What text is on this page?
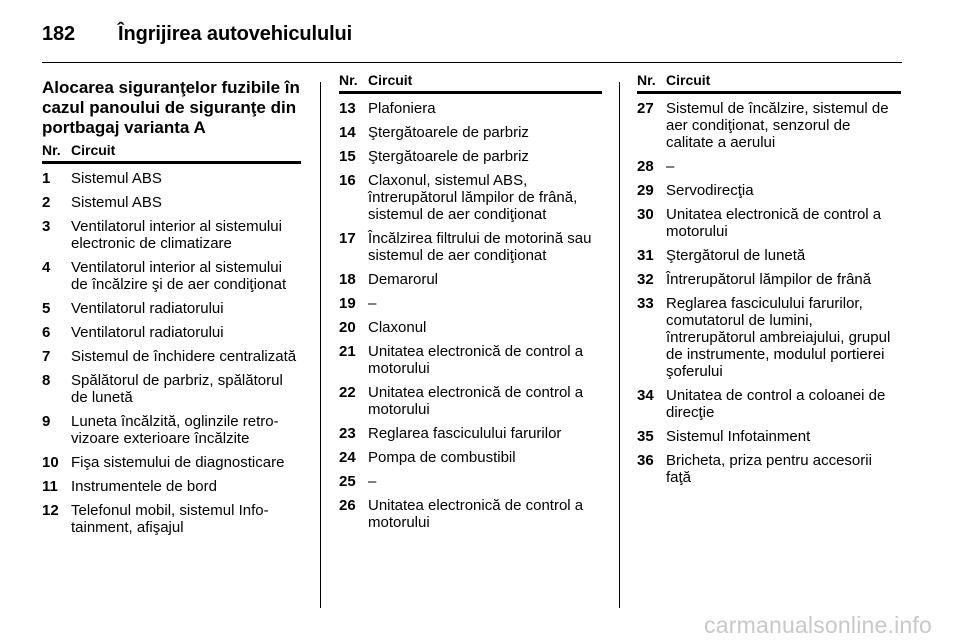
182	Îngrijirea autovehiculului
Alocarea siguranţelor fuzibile în cazul panoului de siguranţe din portbagaj varianta A
Nr. Circuit
1	Sistemul ABS
2	Sistemul ABS
3	Ventilatorul interior al sistemului electronic de climatizare
4	Ventilatorul interior al sistemului de încălzire şi de aer condiţionat
5	Ventilatorul radiatorului
6	Ventilatorul radiatorului
7	Sistemul de închidere centralizată
8	Spălătorul de parbriz, spălătorul de lunetă
9	Luneta încălzită, oglinzile retrovizoare exterioare încălzite
10 Fişa sistemului de diagnosticare
11 Instrumentele de bord
12 Telefonul mobil, sistemul Infotainment, afişajul
Nr. Circuit
13 Plafoniera
14 Ştergătoarele de parbriz
15 Ştergătoarele de parbriz
16 Claxonul, sistemul ABS, întrerupătorul lămpilor de frână, sistemul de aer condiţionat
17 Încălzirea filtrului de motorină sau sistemul de aer condiţionat
18 Demarorul
19 –
20 Claxonul
21 Unitatea electronică de control a motorului
22 Unitatea electronică de control a motorului
23 Reglarea fasciculului farurilor
24 Pompa de combustibil
25 –
26 Unitatea electronică de control a motorului
Nr. Circuit
27 Sistemul de încălzire, sistemul de aer condiţionat, senzorul de calitate a aerului
28 –
29 Servodirecţia
30 Unitatea electronică de control a motorului
31 Ştergătorul de lunetă
32 Întrerupătorul lămpilor de frână
33 Reglarea fasciculului farurilor, comutatorul de lumini, întrerupătorul ambreiajului, grupul de instrumente, modulul portierei şoferului
34 Unitatea de control a coloanei de direcţie
35 Sistemul Infotainment
36 Bricheta, priza pentru accesorii faţă
carmanualsonline.info
